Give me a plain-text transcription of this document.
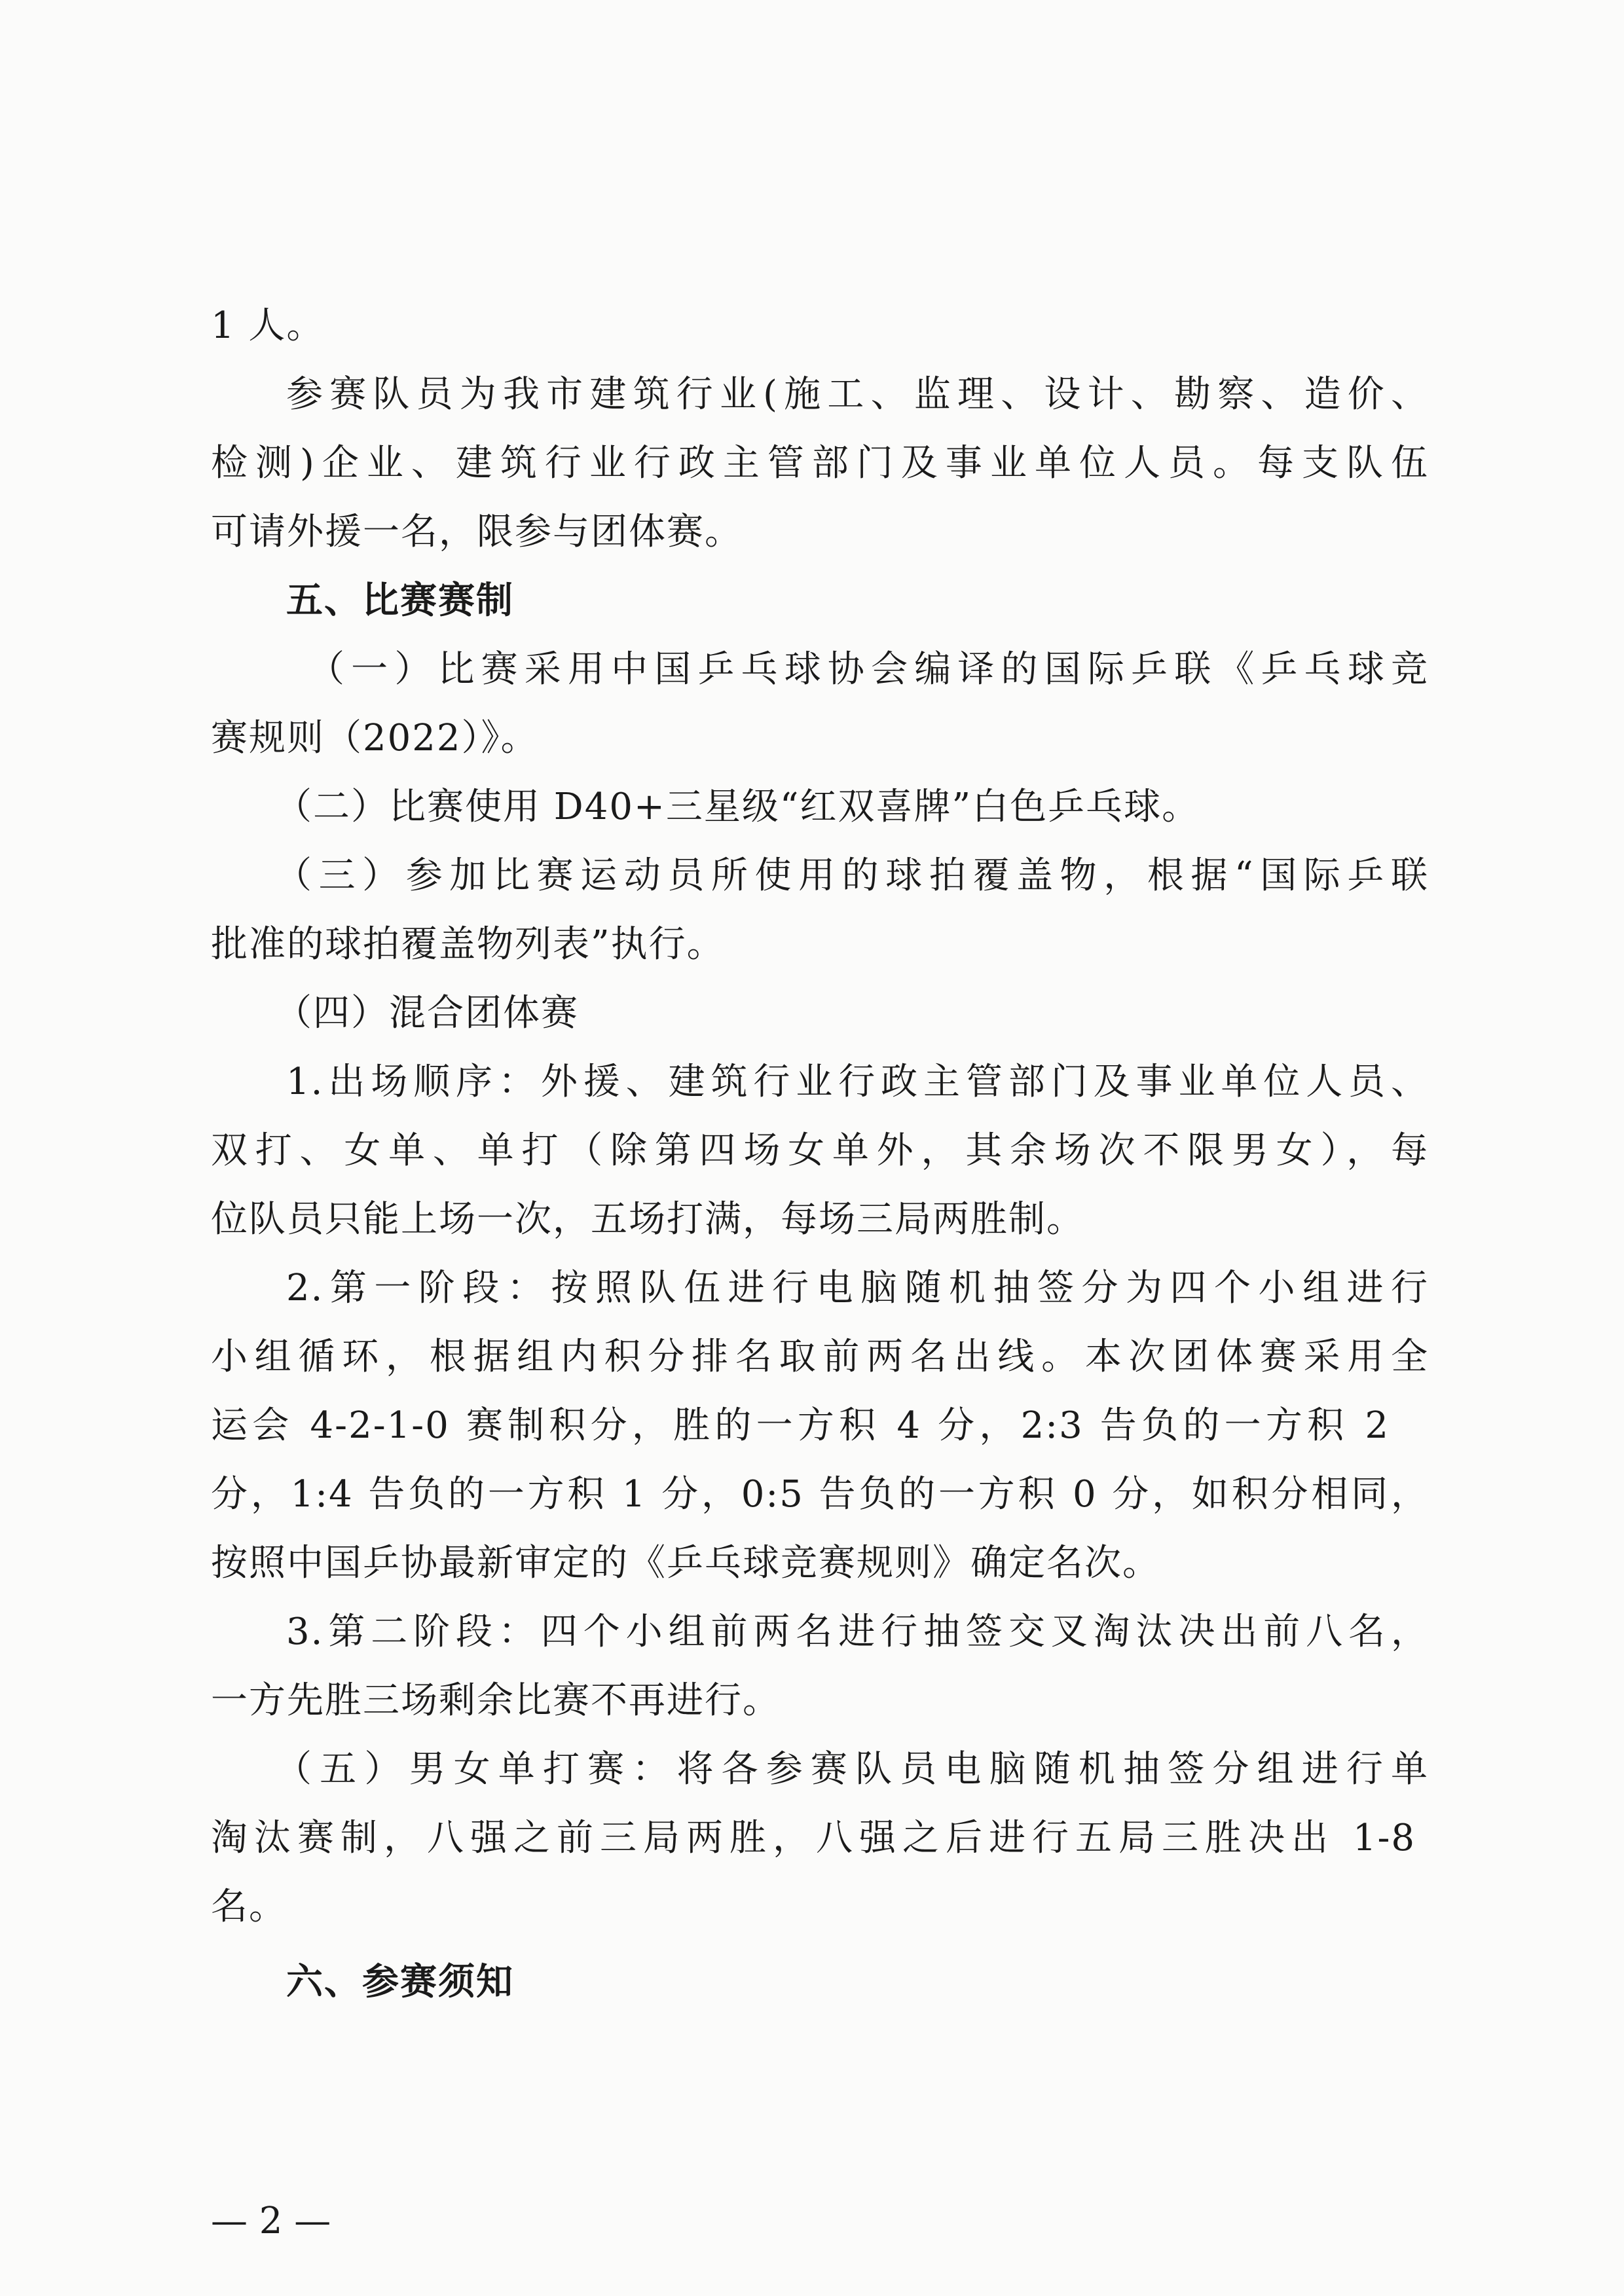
1 人。
参赛队员为我市建筑行业(施工、监理、设计、勘察、造价、
检测)企业、建筑行业行政主管部门及事业单位人员。每支队伍
可请外援一名，限参与团体赛。
五、比赛赛制
（一）比赛采用中国乒乓球协会编译的国际乒联《乒乓球竞
赛规则（2022）》。
（二）比赛使用 D40+三星级“红双喜牌”白色乒乓球。
（三）参加比赛运动员所使用的球拍覆盖物，根据“国际乒联
批准的球拍覆盖物列表”执行。
（四）混合团体赛
1.出场顺序：外援、建筑行业行政主管部门及事业单位人员、
双打、女单、单打（除第四场女单外，其余场次不限男女），每
位队员只能上场一次，五场打满，每场三局两胜制。
2.第一阶段：按照队伍进行电脑随机抽签分为四个小组进行
小组循环，根据组内积分排名取前两名出线。本次团体赛采用全
运会 4-2-1-0 赛制积分，胜的一方积 4 分，2:3 告负的一方积 2
分，1:4 告负的一方积 1 分，0:5 告负的一方积 0 分，如积分相同，
按照中国乒协最新审定的《乒乓球竞赛规则》确定名次。
3.第二阶段：四个小组前两名进行抽签交叉淘汰决出前八名，
一方先胜三场剩余比赛不再进行。
（五）男女单打赛：将各参赛队员电脑随机抽签分组进行单
淘汰赛制，八强之前三局两胜，八强之后进行五局三胜决出 1-8
名。
六、参赛须知
— 2 —
